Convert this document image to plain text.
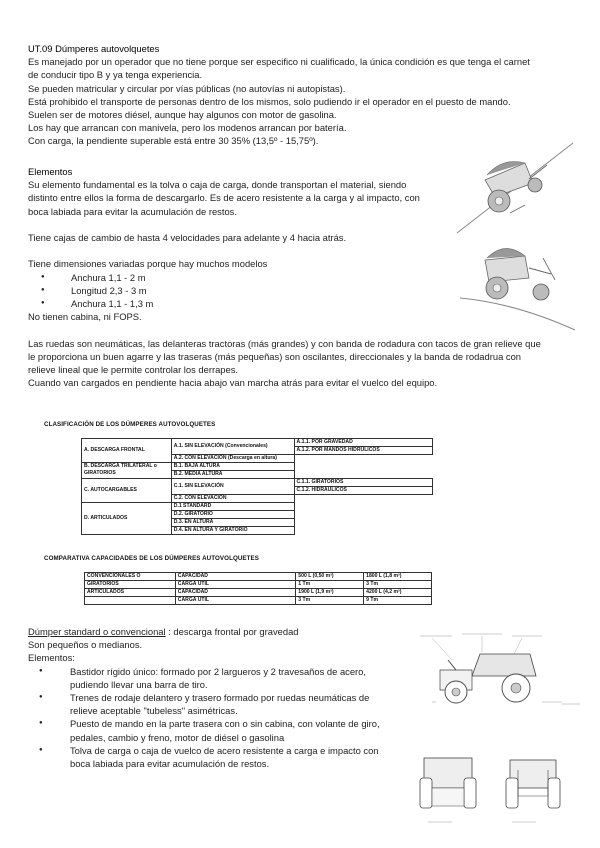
UT.09 Dúmperes autovolquetes

Es manejado por un operador que no tiene porque ser especifico ni cualificado, la única condición es que tenga el carnet

de conducir tipo B y ya tenga experiencia.

Se pueden matricular y circular por vías públicas (no autovías ni autopistas).

Está prohibido el transporte de personas dentro de los mismos, solo pudiendo ir el operador en el puesto de mando.

Suelen ser de motores diésel, aunque hay algunos con motor de gasolina.

Los hay que arrancan con manivela, pero los modenos arrancan por batería.

Con carga, la pendiente superable está entre 30 35% (13,5º - 15,75º).

Elementos

Su elemento fundamental es la tolva o caja de carga, donde transportan el material, siendo

distinto entre ellos la forma de descargarlo. Es de acero resistente a la carga y al impacto, con

boca labiada para evitar la acumulación de restos.

Tiene cajas de cambio de hasta 4 velocidades para adelante y 4 hacia atrás.

Tiene dimensiones variadas porque hay muchos modelos

● Anchura 1,1 - 2 m
● Longitud 2,3 - 3 m
● Anchura 1,1 - 1,3 m

No tienen cabina, ni FOPS.

Las ruedas son neumáticas, las delanteras tractoras (más grandes) y con banda de rodadura con tacos de gran relieve que

le proporciona un buen agarre y las traseras (más pequeñas) son oscilantes, direccionales y la banda de rodadrua con

relieve lineal que le permite controlar los derrapes.

Cuando van cargados en pendiente hacia abajo van marcha atrás para evitar el vuelco del equipo.

CLASIFICACIÓN DE LOS DÚMPERES AUTOVOLQUETES
A. DESCARGA FRONTAL	A.1. SIN ELEVACIÓN (Convencionales)	A.1.1. POR GRAVEDAD
		A.1.2. POR MANDOS HIDRÚLICOS
	A.2. CON ELEVACIÓN (Descarga en altura)	
B. DESCARGA TRILATERAL o GIRATORIOS	B.1. BAJA ALTURA	
	B.2. MEDIA ALTURA	
C. AUTOCARGABLES	C.1. SIN ELEVACIÓN	C.1.1. GIRATORIOS
		C.1.2. HIDRÁULICOS
	C.2. CON ELEVACIÓN	
D. ARTICULADOS	D.1 STANDARD	
	D.2. GIRATORIO	
	D.3. EN ALTURA	
	D.4. EN ALTURA Y GIRATORIO	
COMPARATIVA CAPACIDADES DE LOS DÚMPERES AUTOVOLQUETES
CONVENCIONALES O	CAPACIDAD	500 L (0,50 m³)	1800 L (1,8 m³)
GIRATORIOS	CARGA ÚTIL	1 Tm	3 Tm
ARTICULADOS	CAPACIDAD	1900 L (1,9 m³)	4200 L (4,2 m³)
	CARGA ÚTIL	3 Tm	9 Tm

Dúmper standard o convencional : descarga frontal por gravedad

Son pequeños o medianos.

Elementos:

● Bastidor rígido único: formado por 2 largueros y 2 travesaños de acero, pudiendo llevar una barra de tiro.
● Trenes de rodaje delantero y trasero formado por ruedas neumáticas de relieve aceptable "tubeless" asimétricas.
● Puesto de mando en la parte trasera con o sin cabina, con volante de giro, pedales, cambio y freno, motor de diésel o gasolina
● Tolva de carga o caja de vuelco de acero resistente a carga e impacto con boca labiada para evitar acumulación de restos.
